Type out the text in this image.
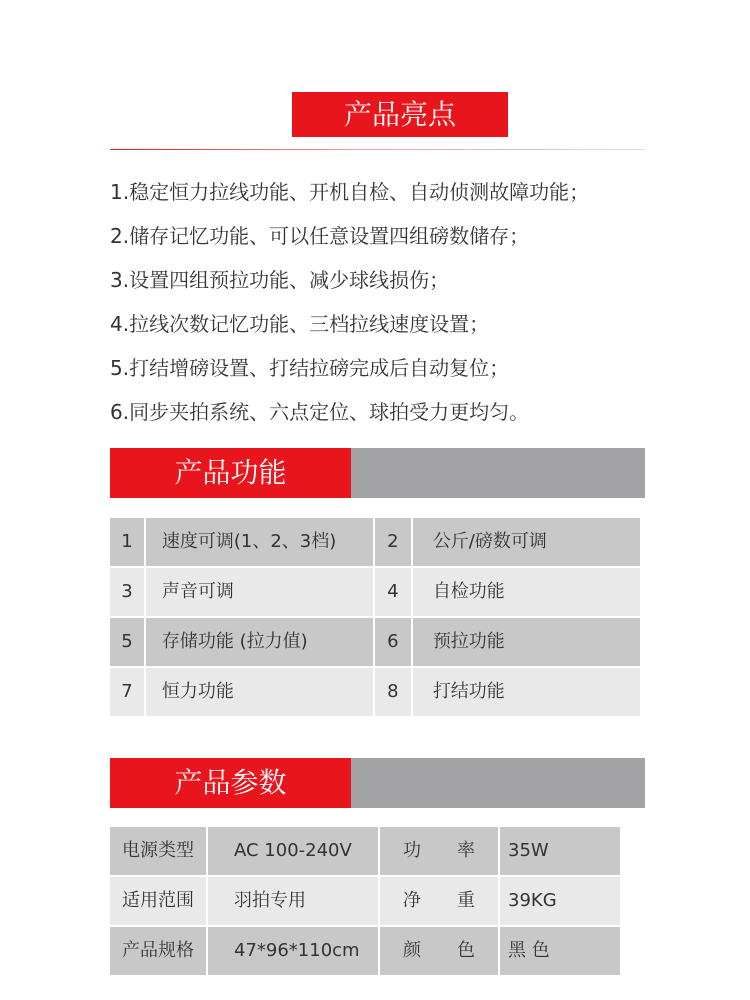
产品亮点
1.稳定恒力拉线功能、开机自检、自动侦测故障功能；
2.储存记忆功能、可以任意设置四组磅数储存；
3.设置四组预拉功能、减少球线损伤；
4.拉线次数记忆功能、三档拉线速度设置；
5.打结增磅设置、打结拉磅完成后自动复位；
6.同步夹拍系统、六点定位、球拍受力更均匀。
产品功能
1	速度可调(1、2、3档)	2	公斤/磅数可调
3	声音可调	4	自检功能
5	存储功能 (拉力值)	6	预拉功能
7	恒力功能	8	打结功能
产品参数
电源类型	AC 100-240V	功 率	35W
适用范围	羽拍专用	净 重	39KG
产品规格	47*96*110cm	颜 色	黑 色
